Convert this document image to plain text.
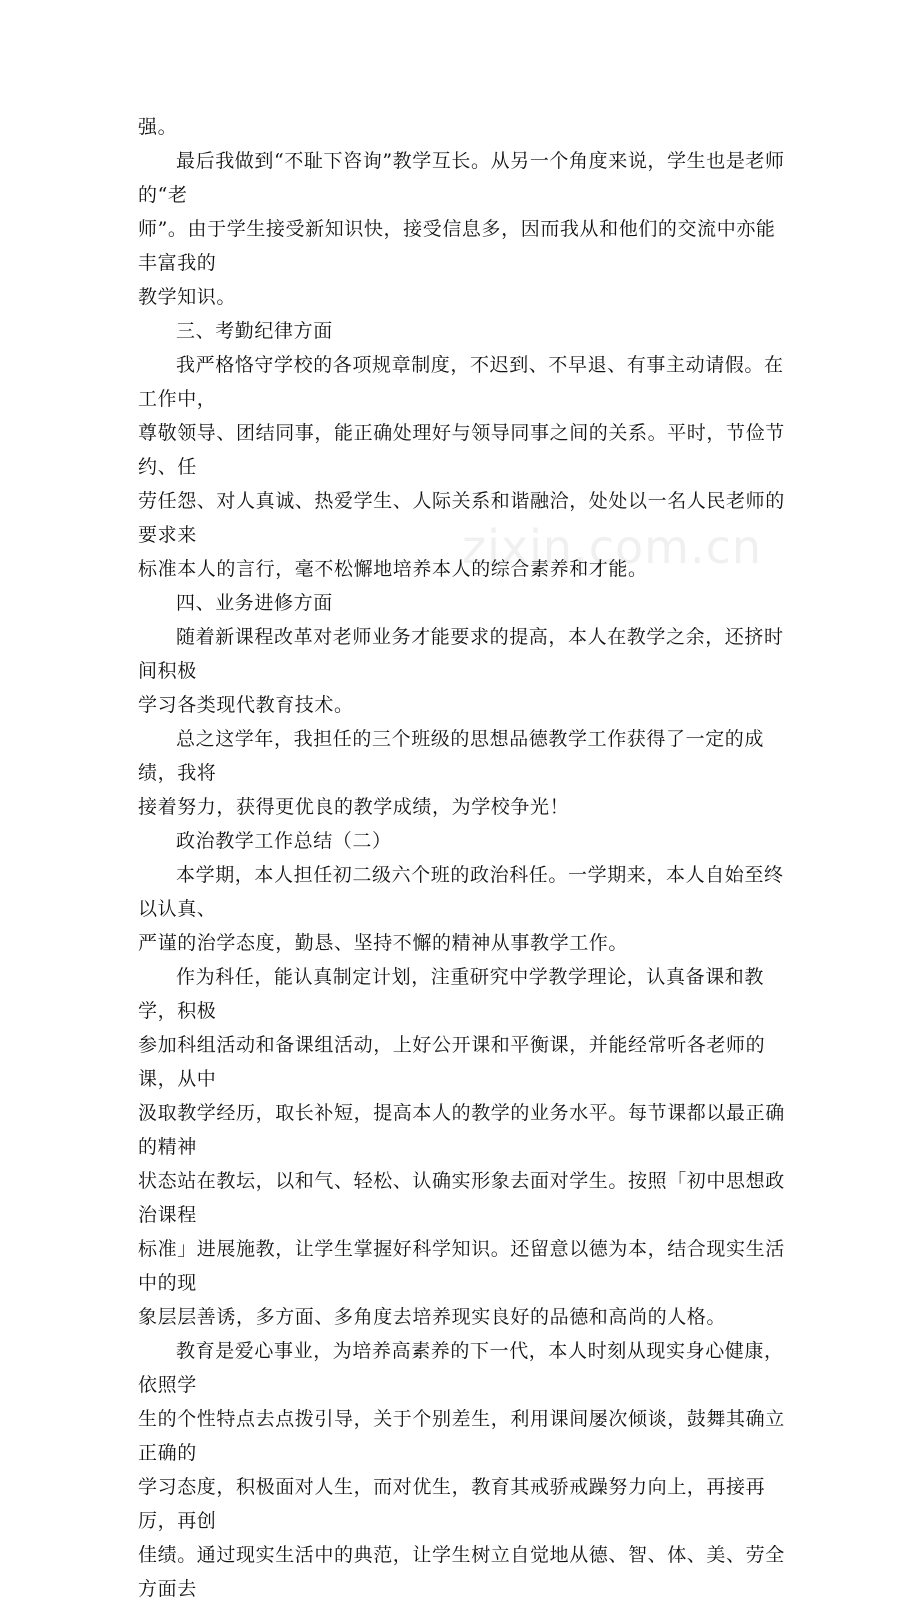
zixin.com.cn

强。

最后我做到“不耻下咨询”教学互长。从另一个角度来说，学生也是老师的“老
师”。由于学生接受新知识快，接受信息多，因而我从和他们的交流中亦能丰富我的
教学知识。

三、考勤纪律方面

我严格恪守学校的各项规章制度，不迟到、不早退、有事主动请假。在工作中，
尊敬领导、团结同事，能正确处理好与领导同事之间的关系。平时，节俭节约、任
劳任怨、对人真诚、热爱学生、人际关系和谐融洽，处处以一名人民老师的要求来
标准本人的言行，毫不松懈地培养本人的综合素养和才能。

四、业务进修方面

随着新课程改革对老师业务才能要求的提高，本人在教学之余，还挤时间积极
学习各类现代教育技术。

总之这学年，我担任的三个班级的思想品德教学工作获得了一定的成绩，我将
接着努力，获得更优良的教学成绩，为学校争光！

政治教学工作总结（二）

本学期，本人担任初二级六个班的政治科任。一学期来，本人自始至终以认真、
严谨的治学态度，勤恳、坚持不懈的精神从事教学工作。

作为科任，能认真制定计划，注重研究中学教学理论，认真备课和教学，积极
参加科组活动和备课组活动，上好公开课和平衡课，并能经常听各老师的课，从中
汲取教学经历，取长补短，提高本人的教学的业务水平。每节课都以最正确的精神
状态站在教坛，以和气、轻松、认确实形象去面对学生。按照「初中思想政治课程
标准」进展施教，让学生掌握好科学知识。还留意以德为本，结合现实生活中的现
象层层善诱，多方面、多角度去培养现实良好的品德和高尚的人格。

教育是爱心事业，为培养高素养的下一代，本人时刻从现实身心健康，依照学
生的个性特点去点拨引导，关于个别差生，利用课间屡次倾谈，鼓舞其确立正确的
学习态度，积极面对人生，而对优生，教育其戒骄戒躁努力向上，再接再厉，再创
佳绩。通过现实生活中的典范，让学生树立自觉地从德、智、体、美、劳全方面去
